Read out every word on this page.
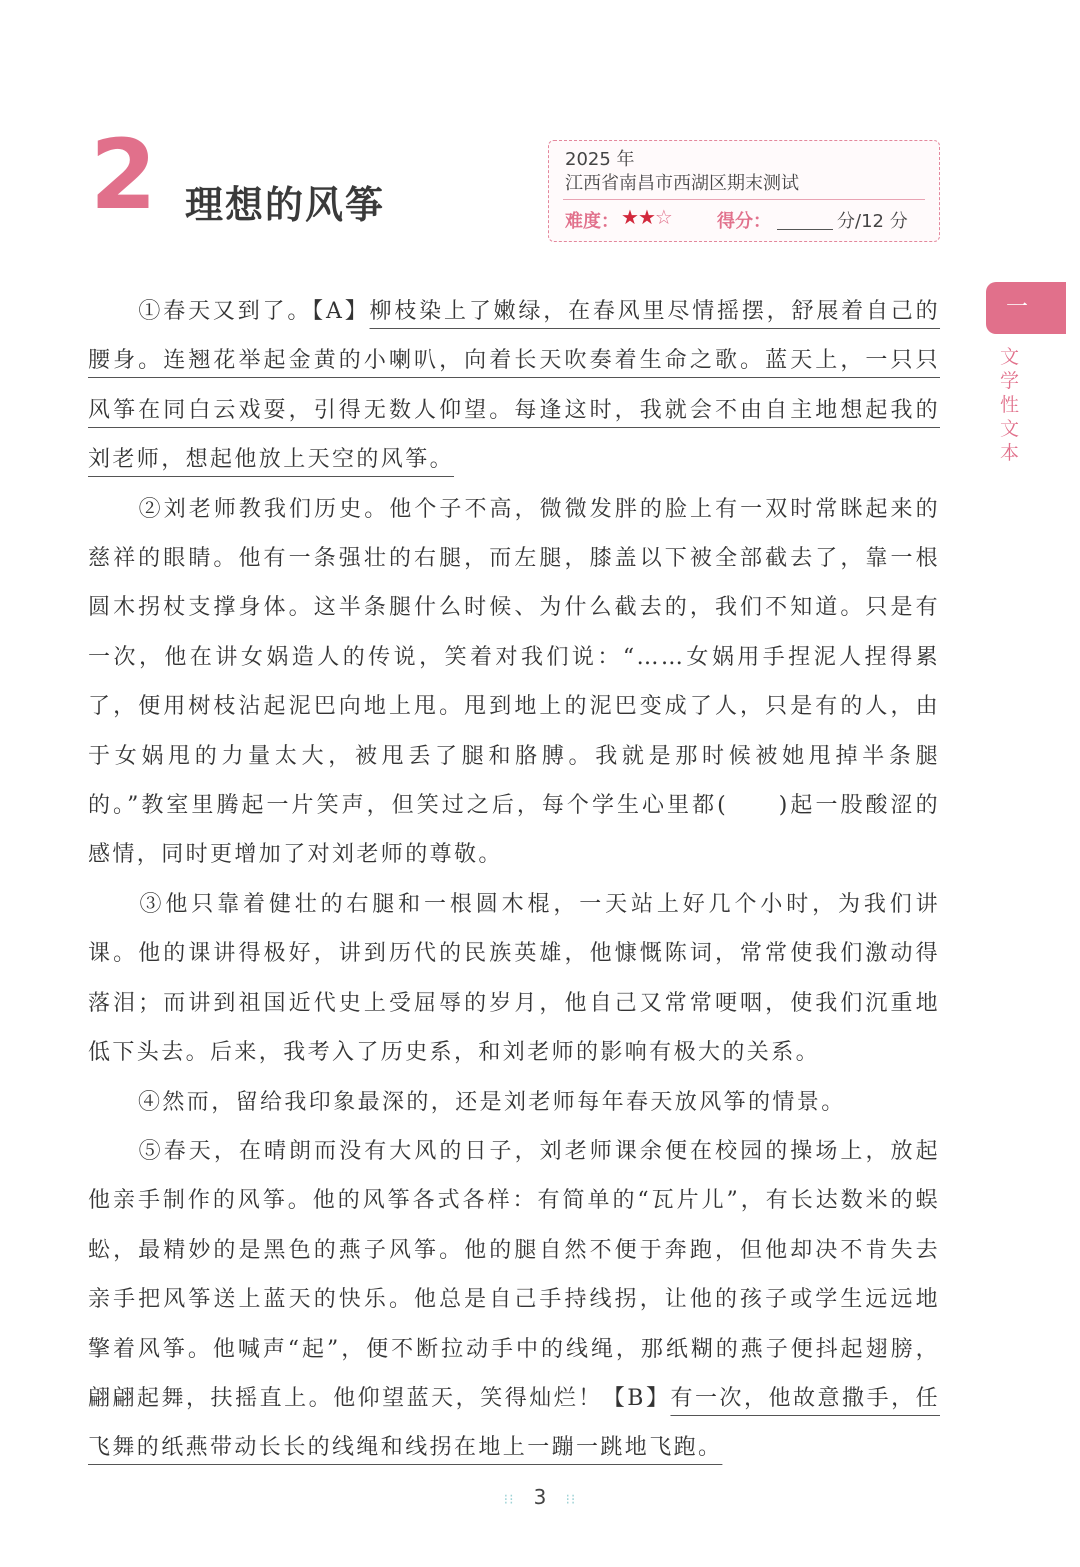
2 理想的风筝
2025 年
江西省南昌市西湖区期末测试
难度： ★★☆	得分：	分/12 分
一
文学性文本

①春天又到了。【A】柳枝染上了嫩绿，在春风里尽情摇摆，舒展着自己的腰身。连翘花举起金黄的小喇叭，向着长天吹奏着生命之歌。蓝天上，一只只风筝在同白云戏耍，引得无数人仰望。每逢这时，我就会不由自主地想起我的刘老师，想起他放上天空的风筝。

②刘老师教我们历史。他个子不高，微微发胖的脸上有一双时常眯起来的慈祥的眼睛。他有一条强壮的右腿，而左腿，膝盖以下被全部截去了，靠一根圆木拐杖支撑身体。这半条腿什么时候、为什么截去的，我们不知道。只是有一次，他在讲女娲造人的传说，笑着对我们说：“……女娲用手捏泥人捏得累了，便用树枝沾起泥巴向地上甩。甩到地上的泥巴变成了人，只是有的人，由于女娲甩的力量太大，被甩丢了腿和胳膊。我就是那时候被她甩掉半条腿的。”教室里腾起一片笑声，但笑过之后，每个学生心里都(　　)起一股酸涩的感情，同时更增加了对刘老师的尊敬。

③他只靠着健壮的右腿和一根圆木棍，一天站上好几个小时，为我们讲课。他的课讲得极好，讲到历代的民族英雄，他慷慨陈词，常常使我们激动得落泪；而讲到祖国近代史上受屈辱的岁月，他自己又常常哽咽，使我们沉重地低下头去。后来，我考入了历史系，和刘老师的影响有极大的关系。

④然而，留给我印象最深的，还是刘老师每年春天放风筝的情景。

⑤春天，在晴朗而没有大风的日子，刘老师课余便在校园的操场上，放起他亲手制作的风筝。他的风筝各式各样：有简单的“瓦片儿”，有长达数米的蜈蚣，最精妙的是黑色的燕子风筝。他的腿自然不便于奔跑，但他却决不肯失去亲手把风筝送上蓝天的快乐。他总是自己手持线拐，让他的孩子或学生远远地擎着风筝。他喊声“起”，便不断拉动手中的线绳，那纸糊的燕子便抖起翅膀，翩翩起舞，扶摇直上。他仰望蓝天，笑得灿烂！【B】有一次，他故意撒手，任飞舞的纸燕带动长长的线绳和线拐在地上一蹦一跳地飞跑。

⁝⁝ 3 ⁝⁝
